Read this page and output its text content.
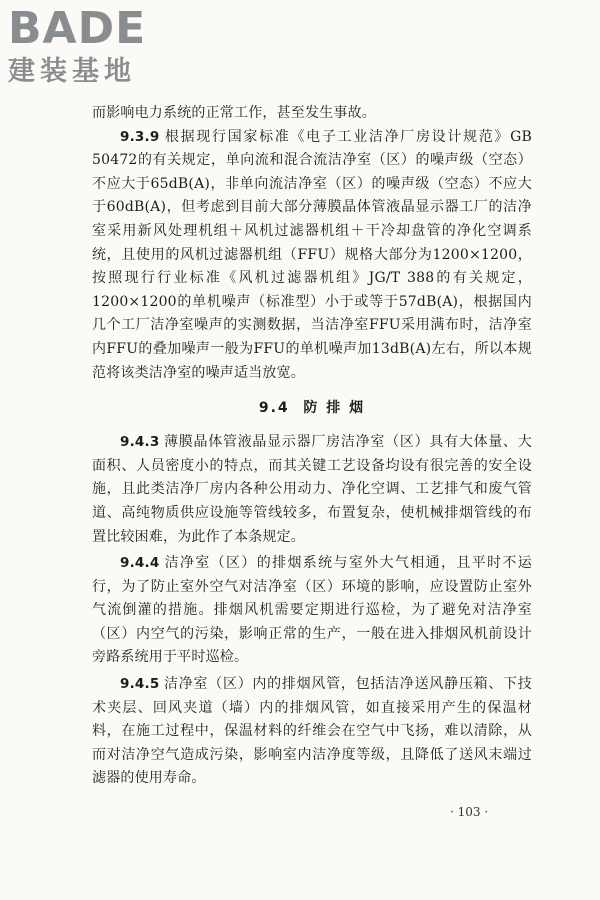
BADE
建装基地

而影响电力系统的正常工作，甚至发生事故。

9.3.9 根据现行国家标准《电子工业洁净厂房设计规范》GB 50472的有关规定，单向流和混合流洁净室（区）的噪声级（空态）不应大于65dB(A)，非单向流洁净室（区）的噪声级（空态）不应大于60dB(A)，但考虑到目前大部分薄膜晶体管液晶显示器工厂的洁净室采用新风处理机组＋风机过滤器机组＋干冷却盘管的净化空调系统，且使用的风机过滤器机组（FFU）规格大部分为1200×1200，按照现行行业标准《风机过滤器机组》JG/T 388的有关规定，1200×1200的单机噪声（标准型）小于或等于57dB(A)，根据国内几个工厂洁净室噪声的实测数据，当洁净室FFU采用满布时，洁净室内FFU的叠加噪声一般为FFU的单机噪声加13dB(A)左右，所以本规范将该类洁净室的噪声适当放宽。

9.4 防 排 烟

9.4.3 薄膜晶体管液晶显示器厂房洁净室（区）具有大体量、大面积、人员密度小的特点，而其关键工艺设备均设有很完善的安全设施，且此类洁净厂房内各种公用动力、净化空调、工艺排气和废气管道、高纯物质供应设施等管线较多，布置复杂，使机械排烟管线的布置比较困难，为此作了本条规定。

9.4.4 洁净室（区）的排烟系统与室外大气相通，且平时不运行，为了防止室外空气对洁净室（区）环境的影响，应设置防止室外气流倒灌的措施。排烟风机需要定期进行巡检，为了避免对洁净室（区）内空气的污染，影响正常的生产，一般在进入排烟风机前设计旁路系统用于平时巡检。

9.4.5 洁净室（区）内的排烟风管，包括洁净送风静压箱、下技术夹层、回风夹道（墙）内的排烟风管，如直接采用产生的保温材料，在施工过程中，保温材料的纤维会在空气中飞扬，难以清除，从而对洁净空气造成污染，影响室内洁净度等级，且降低了送风末端过滤器的使用寿命。

· 103 ·
